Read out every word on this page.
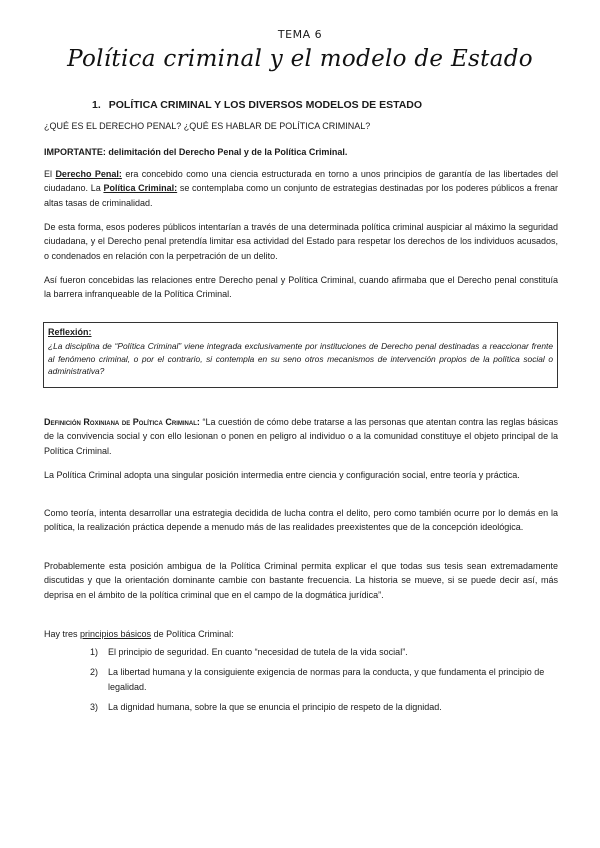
TEMA 6
Política criminal y el modelo de Estado
1. POLÍTICA CRIMINAL Y LOS DIVERSOS MODELOS DE ESTADO
¿QUÉ ES EL DERECHO PENAL? ¿QUÉ ES HABLAR DE POLÍTICA CRIMINAL?
IMPORTANTE: delimitación del Derecho Penal y de la Política Criminal.

El Derecho Penal: era concebido como una ciencia estructurada en torno a unos principios de garantía de las libertades del ciudadano. La Política Criminal: se contemplaba como un conjunto de estrategias destinadas por los poderes públicos a frenar altas tasas de criminalidad.

De esta forma, esos poderes públicos intentarían a través de una determinada política criminal auspiciar al máximo la seguridad ciudadana, y el Derecho penal pretendía limitar esa actividad del Estado para respetar los derechos de los individuos acusados, o condenados en relación con la perpetración de un delito.

Así fueron concebidas las relaciones entre Derecho penal y Política Criminal, cuando afirmaba que el Derecho penal constituía la barrera infranqueable de la Política Criminal.

Reflexión:
¿La disciplina de “Política Criminal” viene integrada exclusivamente por instituciones de Derecho penal destinadas a reaccionar frente al fenómeno criminal, o por el contrario, si contempla en su seno otros mecanismos de intervención propios de la política social o administrativa?

Definición Roxiniana de Política Criminal: “La cuestión de cómo debe tratarse a las personas que atentan contra las reglas básicas de la convivencia social y con ello lesionan o ponen en peligro al individuo o a la comunidad constituye el objeto principal de la Política Criminal.

La Política Criminal adopta una singular posición intermedia entre ciencia y configuración social, entre teoría y práctica.

Como teoría, intenta desarrollar una estrategia decidida de lucha contra el delito, pero como también ocurre por lo demás en la política, la realización práctica depende a menudo más de las realidades preexistentes que de la concepción ideológica.

Probablemente esta posición ambigua de la Política Criminal permita explicar el que todas sus tesis sean extremadamente discutidas y que la orientación dominante cambie con bastante frecuencia. La historia se mueve, si se puede decir así, más deprisa en el ámbito de la política criminal que en el campo de la dogmática jurídica”.

Hay tres principios básicos de Política Criminal:
1) El principio de seguridad. En cuanto “necesidad de tutela de la vida social”.
2) La libertad humana y la consiguiente exigencia de normas para la conducta, y que fundamenta el principio de legalidad.
3) La dignidad humana, sobre la que se enuncia el principio de respeto de la dignidad.
